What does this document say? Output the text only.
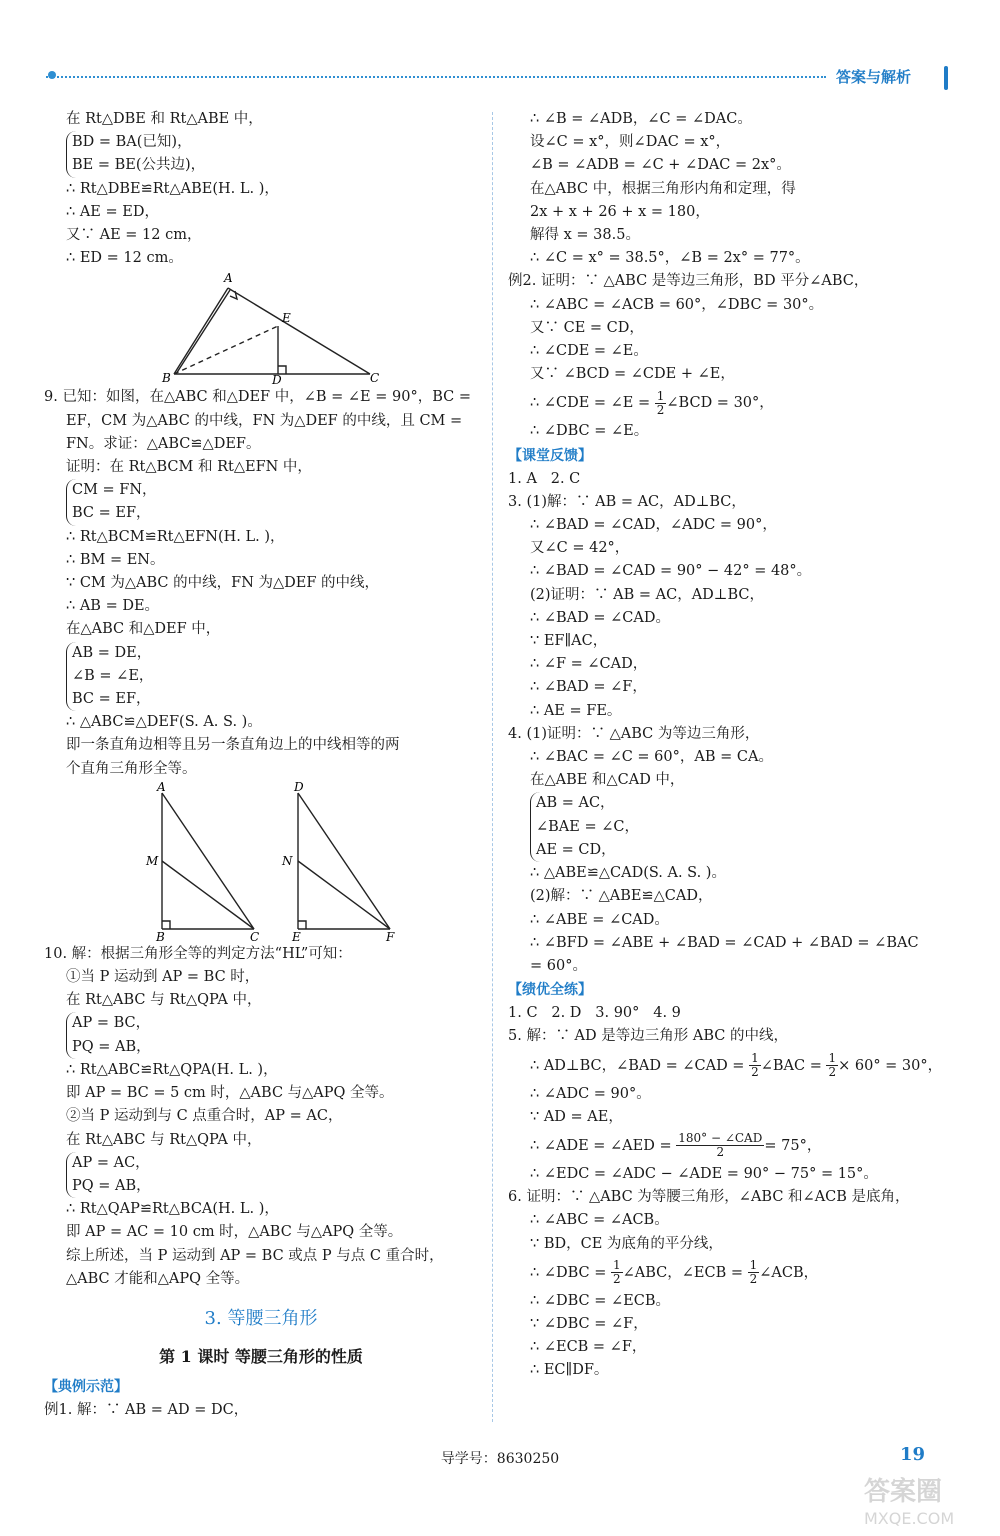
答案与解析
在 Rt△DBE 和 Rt△ABE 中，
BD = BA(已知)，
BE = BE(公共边)，
∴ Rt△DBE≌Rt△ABE(H. L. )，
∴ AE = ED，
又∵ AE = 12 cm，
∴ ED = 12 cm。
A
E
B	D	C
9. 已知：如图，在△ABC 和△DEF 中，∠B = ∠E = 90°，BC =
EF，CM 为△ABC 的中线，FN 为△DEF 的中线，且 CM =
FN。求证：△ABC≌△DEF。
证明：在 Rt△BCM 和 Rt△EFN 中，
CM = FN，
BC = EF，
∴ Rt△BCM≌Rt△EFN(H. L. )，
∴ BM = EN。
∵ CM 为△ABC 的中线，FN 为△DEF 的中线，
∴ AB = DE。
在△ABC 和△DEF 中，
AB = DE，
∠B = ∠E，
BC = EF，
∴ △ABC≌△DEF(S. A. S. )。
即一条直角边相等且另一条直角边上的中线相等的两
个直角三角形全等。
A
M
B	C
D
N
E	F
10. 解：根据三角形全等的判定方法“HL”可知：
①当 P 运动到 AP = BC 时，
在 Rt△ABC 与 Rt△QPA 中，
AP = BC，
PQ = AB，
∴ Rt△ABC≌Rt△QPA(H. L. )，
即 AP = BC = 5 cm 时，△ABC 与△APQ 全等。
②当 P 运动到与 C 点重合时，AP = AC，
在 Rt△ABC 与 Rt△QPA 中，
AP = AC，
PQ = AB，
∴ Rt△QAP≌Rt△BCA(H. L. )，
即 AP = AC = 10 cm 时，△ABC 与△APQ 全等。
综上所述，当 P 运动到 AP = BC 或点 P 与点 C 重合时，
△ABC 才能和△APQ 全等。
3. 等腰三角形
第 1 课时 等腰三角形的性质
【典例示范】
例1. 解：∵ AB = AD = DC，
∴ ∠B = ∠ADB，∠C = ∠DAC。
设∠C = x°，则∠DAC = x°，
∠B = ∠ADB = ∠C + ∠DAC = 2x°。
在△ABC 中，根据三角形内角和定理，得
2x + x + 26 + x = 180，
解得 x = 38.5。
∴ ∠C = x° = 38.5°，∠B = 2x° = 77°。
例2. 证明：∵ △ABC 是等边三角形，BD 平分∠ABC，
∴ ∠ABC = ∠ACB = 60°，∠DBC = 30°。
又∵ CE = CD，
∴ ∠CDE = ∠E。
又∵ ∠BCD = ∠CDE + ∠E，
∴ ∠CDE = ∠E = $\frac{1}{2}$ ∠BCD = 30°，
∴ ∠DBC = ∠E。
【课堂反馈】
1. A   2. C
3. (1)解：∵ AB = AC，AD⊥BC，
∴ ∠BAD = ∠CAD，∠ADC = 90°，
又∠C = 42°，
∴ ∠BAD = ∠CAD = 90° − 42° = 48°。
(2)证明：∵ AB = AC，AD⊥BC，
∴ ∠BAD = ∠CAD。
∵ EF∥AC，
∴ ∠F = ∠CAD，
∴ ∠BAD = ∠F，
∴ AE = FE。
4. (1)证明：∵ △ABC 为等边三角形，
∴ ∠BAC = ∠C = 60°，AB = CA。
在△ABE 和△CAD 中，
AB = AC，
∠BAE = ∠C，
AE = CD，
∴ △ABE≌△CAD(S. A. S. )。
(2)解：∵ △ABE≌△CAD，
∴ ∠ABE = ∠CAD。
∴ ∠BFD = ∠ABE + ∠BAD = ∠CAD + ∠BAD = ∠BAC
= 60°。
【绩优全练】
1. C   2. D   3. 90°   4. 9
5. 解：∵ AD 是等边三角形 ABC 的中线，
∴ AD⊥BC，∠BAD = ∠CAD = $\frac{1}{2}$ ∠BAC = $\frac{1}{2} \times 60^\circ = 30^\circ$，
∴ ∠ADC = 90°。
∵ AD = AE，
∴ ∠ADE = ∠AED = $\frac{\text{180° − ∠CAD}}{2} = 75^\circ$，
∴ ∠EDC = ∠ADC − ∠ADE = 90° − 75° = 15°。
6. 证明：∵ △ABC 为等腰三角形，∠ABC 和∠ACB 是底角，
∴ ∠ABC = ∠ACB。
∵ BD，CE 为底角的平分线，
∴ ∠DBC = $\frac{1}{2}$ ∠ABC，∠ECB = $\frac{1}{2}$ ∠ACB，
∴ ∠DBC = ∠ECB。
∵ ∠DBC = ∠F，
∴ ∠ECB = ∠F，
∴ EC∥DF。
导学号：8630250	19
答案圈
MXQE.COM
